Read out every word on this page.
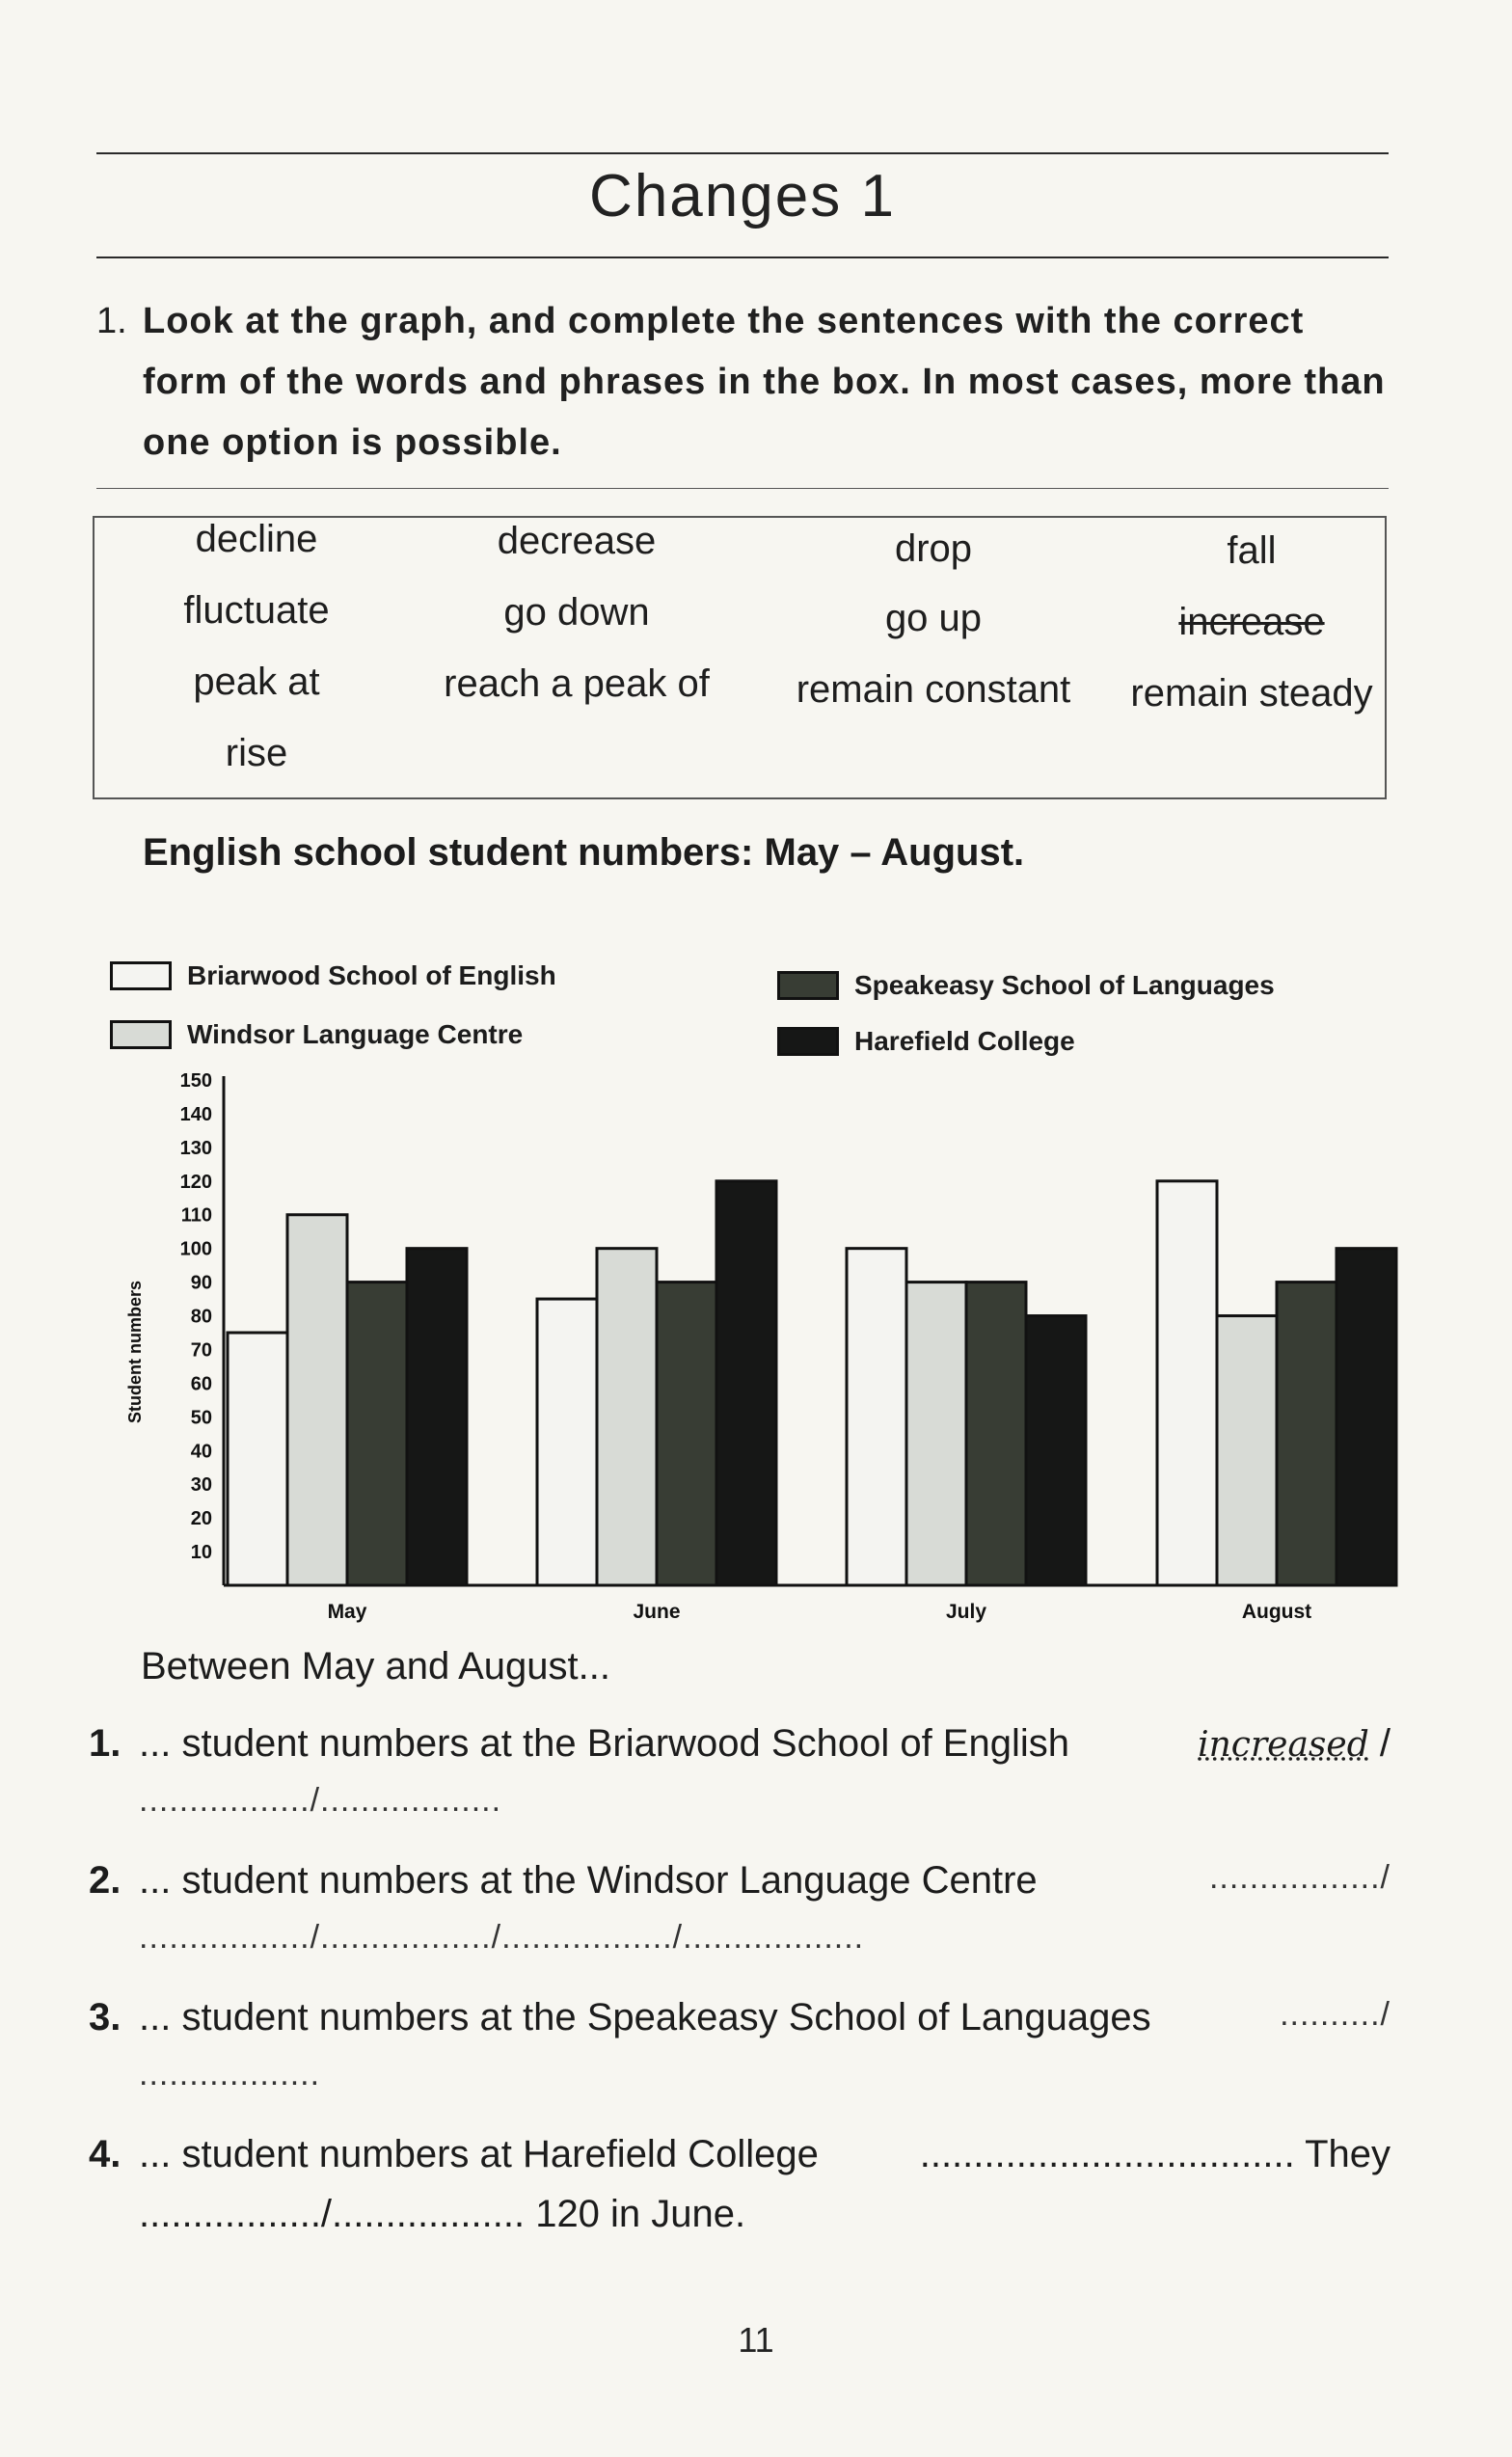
Changes 1
1. Look at the graph, and complete the sentences with the correct form of the words and phrases in the box. In most cases, more than one option is possible.
decline	decrease	drop	fall
fluctuate	go down	go up	increase
peak at	reach a peak of	remain constant	remain steady
rise
English school student numbers: May – August.
Briarwood School of English
Windsor Language Centre
Speakeasy School of Languages
Harefield College
10
20
30
40
50
60
70
80
90
100
110
120
130
140
150
Student numbers
May	June	July	August
Between May and August...
1. ... student numbers at the Briarwood School of English	increased /
................./..................
2. ... student numbers at the Windsor Language Centre	................./
................./................./................./..................
3. ... student numbers at the Speakeasy School of Languages	........../
..................
4. ... student numbers at Harefield College	................................... They
................./.................. 120 in June.
11
